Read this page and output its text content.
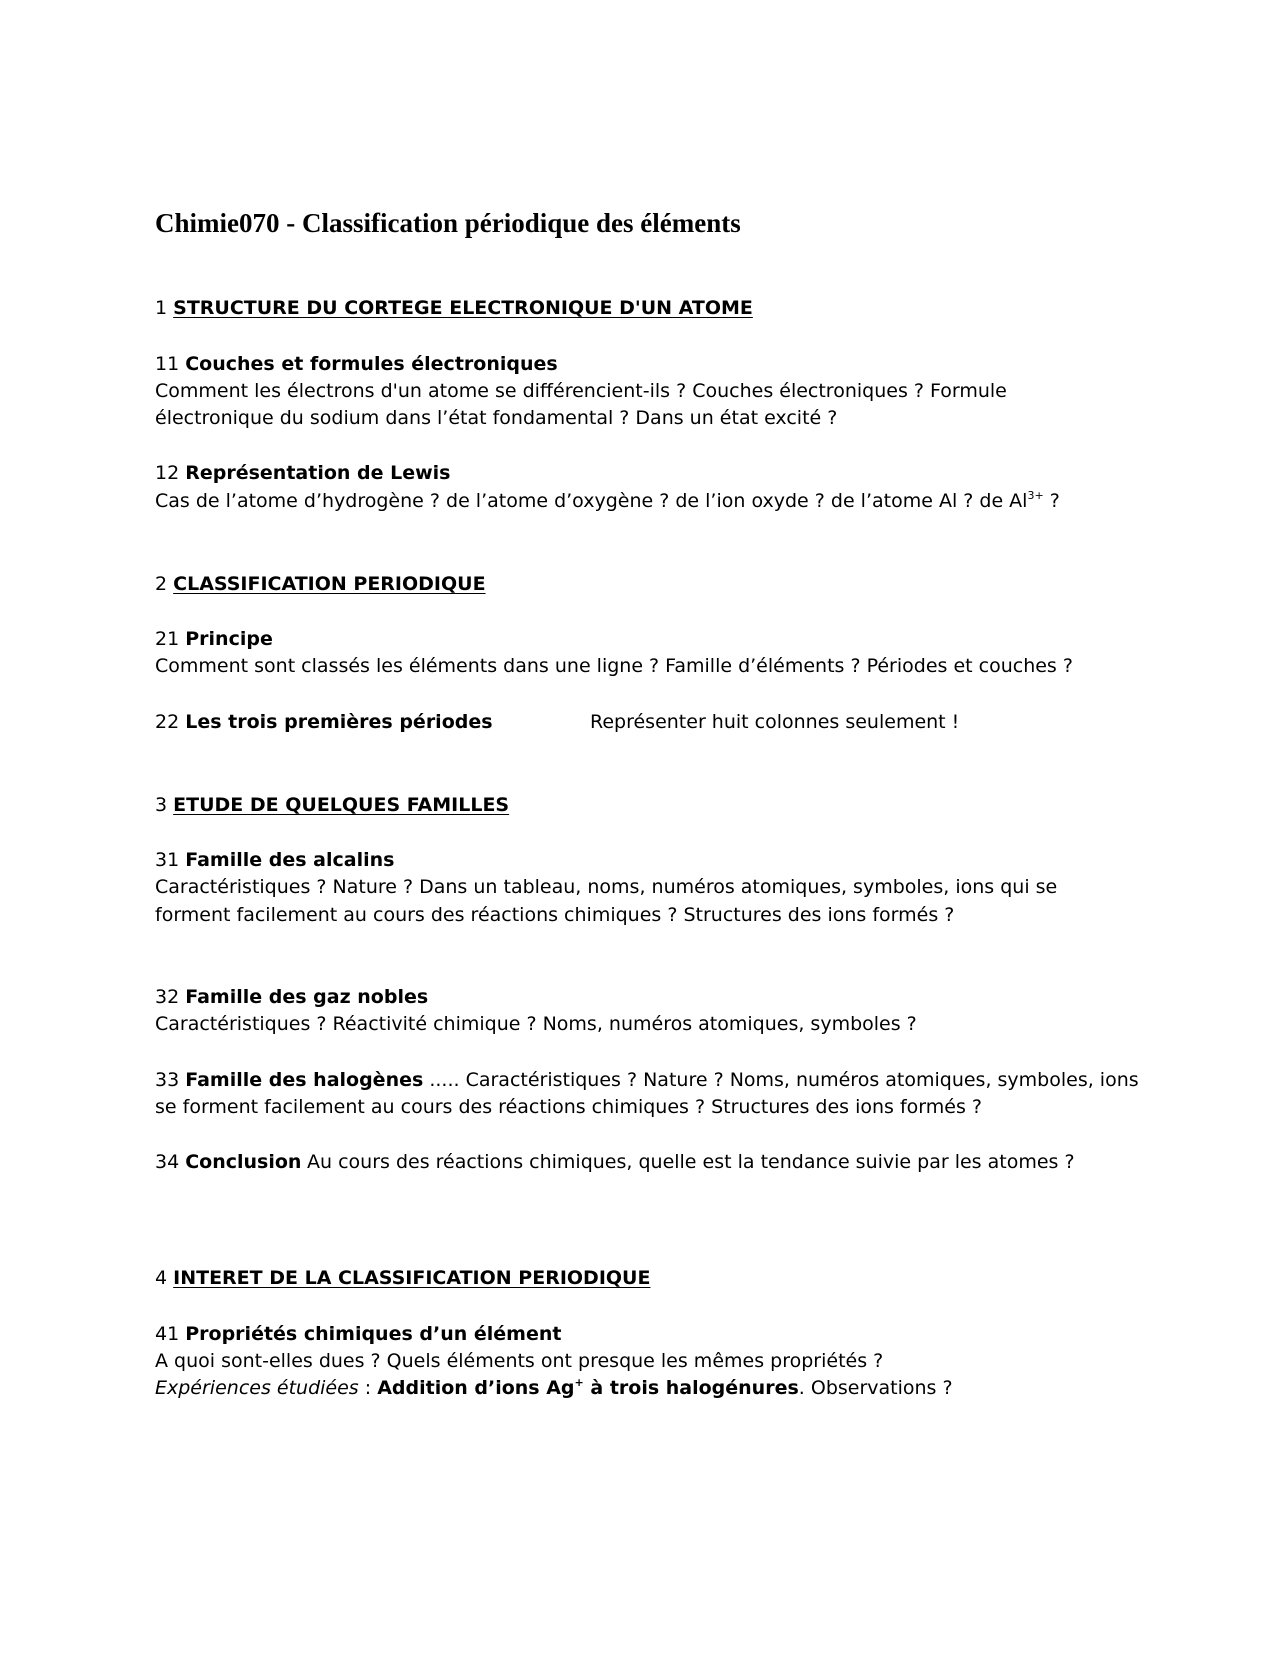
Chimie070 - Classification périodique des éléments
1 STRUCTURE DU CORTEGE ELECTRONIQUE D'UN ATOME
11 Couches et formules électroniques
Comment les électrons d'un atome se différencient-ils ? Couches électroniques ? Formule
électronique du sodium dans l’état fondamental ? Dans un état excité ?
12 Représentation de Lewis
Cas de l’atome d’hydrogène ? de l’atome d’oxygène ? de l’ion oxyde ? de l’atome Al ? de $Al^{3+}$ ?
2 CLASSIFICATION PERIODIQUE
21 Principe
Comment sont classés les éléments dans une ligne ? Famille d’éléments ? Périodes et couches ?
22 Les trois premières périodes	Représenter huit colonnes seulement !
3 ETUDE DE QUELQUES FAMILLES
31 Famille des alcalins
Caractéristiques ? Nature ? Dans un tableau, noms, numéros atomiques, symboles, ions qui se
forment facilement au cours des réactions chimiques ? Structures des ions formés ?
32 Famille des gaz nobles
Caractéristiques ? Réactivité chimique ? Noms, numéros atomiques, symboles ?
33 Famille des halogènes ..... Caractéristiques ? Nature ? Noms, numéros atomiques, symboles, ions
se forment facilement au cours des réactions chimiques ? Structures des ions formés ?
34 Conclusion Au cours des réactions chimiques, quelle est la tendance suivie par les atomes ?
4 INTERET DE LA CLASSIFICATION PERIODIQUE
41 Propriétés chimiques d’un élément
A quoi sont-elles dues ? Quels éléments ont presque les mêmes propriétés ?
Expériences étudiées : Addition d’ions Ag+ à trois halogénures. Observations ?
